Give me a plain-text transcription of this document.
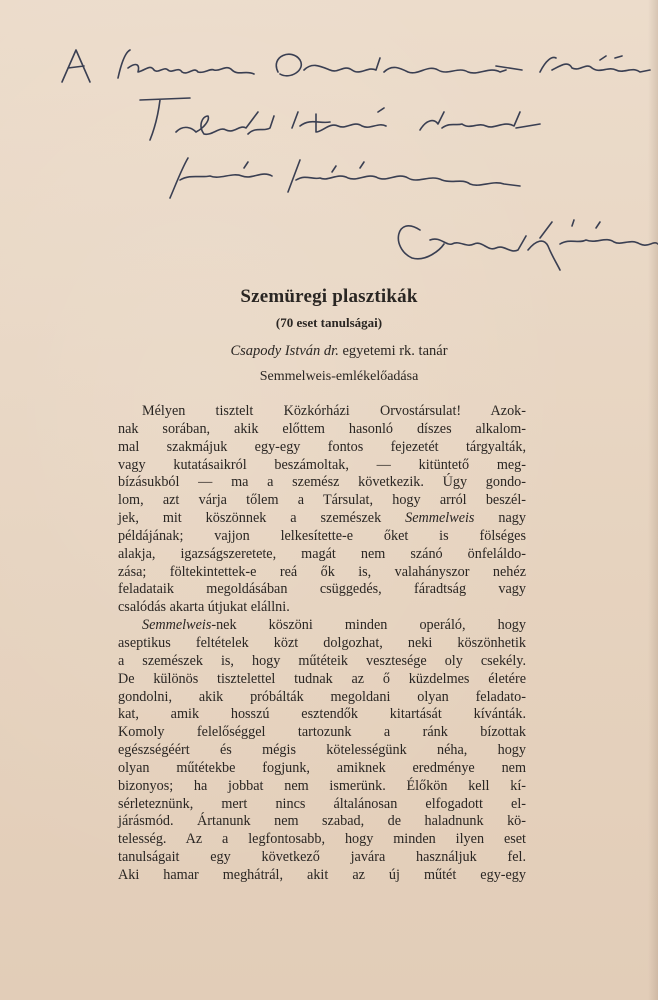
Szemüregi plasztikák
(70 eset tanulságai)
Csapody István dr. egyetemi rk. tanár
Semmelweis-emlékelőadása
Mélyen tisztelt Közkórházi Orvostársulat! Azok-
nak sorában, akik előttem hasonló díszes alkalom-
mal szakmájuk egy-egy fontos fejezetét tárgyalták,
vagy kutatásaikról beszámoltak, — kitüntető meg-
bízásukból — ma a szemész következik. Úgy gondo-
lom, azt várja tőlem a Társulat, hogy arról beszél-
jek, mit köszönnek a szemészek Semmelweis nagy
példájának; vajjon lelkesítette-e őket is fölséges
alakja, igazságszeretete, magát nem szánó önfeláldo-
zása; föltekintettek-e reá ők is, valahányszor nehéz
feladataik megoldásában csüggedés, fáradtság vagy
csalódás akarta útjukat elállni.
Semmelweis-nek köszöni minden operáló, hogy
aseptikus feltételek közt dolgozhat, neki köszönhetik
a szemészek is, hogy műtéteik vesztesége oly csekély.
De különös tisztelettel tudnak az ő küzdelmes életére
gondolni, akik próbálták megoldani olyan feladato-
kat, amik hosszú esztendők kitartását kívánták.
Komoly felelőséggel tartozunk a ránk bízottak
egészségéért és mégis kötelességünk néha, hogy
olyan műtétekbe fogjunk, amiknek eredménye nem
bizonyos; ha jobbat nem ismerünk. Élőkön kell kí-
sérleteznünk, mert nincs általánosan elfogadott el-
járásmód. Ártanunk nem szabad, de haladnunk kö-
telesség. Az a legfontosabb, hogy minden ilyen eset
tanulságait egy következő javára használjuk fel.
Aki hamar meghátrál, akit az új műtét egy-egy
